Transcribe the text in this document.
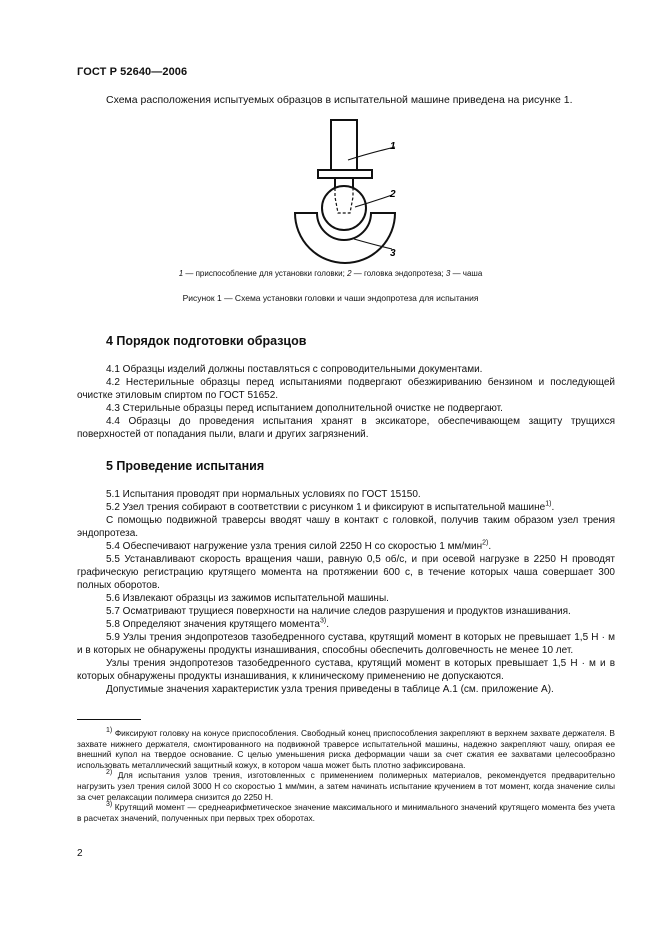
ГОСТ Р 52640—2006
Схема расположения испытуемых образцов в испытательной машине приведена на рисунке 1.
1
2
3
1 — приспособление для установки головки; 2 — головка эндопротеза; 3 — чаша
Рисунок 1 — Схема установки головки и чаши эндопротеза для испытания
4 Порядок подготовки образцов

4.1 Образцы изделий должны поставляться с сопроводительными документами.

4.2 Нестерильные образцы перед испытаниями подвергают обезжириванию бензином и последующей очистке этиловым спиртом по ГОСТ 51652.

4.3 Стерильные образцы перед испытанием дополнительной очистке не подвергают.

4.4 Образцы до проведения испытания хранят в эксикаторе, обеспечивающем защиту трущихся поверхностей от попадания пыли, влаги и других загрязнений.

5 Проведение испытания

5.1 Испытания проводят при нормальных условиях по ГОСТ 15150.

5.2 Узел трения собирают в соответствии с рисунком 1 и фиксируют в испытательной машине$^{1)}$.

С помощью подвижной траверсы вводят чашу в контакт с головкой, получив таким образом узел трения эндопротеза.

5.4 Обеспечивают нагружение узла трения силой 2250 Н со скоростью 1 мм/мин$^{2)}$.

5.5 Устанавливают скорость вращения чаши, равную 0,5 об/с, и при осевой нагрузке в 2250 Н проводят графическую регистрацию крутящего момента на протяжении 600 с, в течение которых чаша совершает 300 полных оборотов.

5.6 Извлекают образцы из зажимов испытательной машины.

5.7 Осматривают трущиеся поверхности на наличие следов разрушения и продуктов изнашивания.

5.8 Определяют значения крутящего момента$^{3)}$.

5.9 Узлы трения эндопротезов тазобедренного сустава, крутящий момент в которых не превышает 1,5 Н · м и в которых не обнаружены продукты изнашивания, способны обеспечить долговечность не менее 10 лет.

Узлы трения эндопротезов тазобедренного сустава, крутящий момент в которых превышает 1,5 Н · м и в которых обнаружены продукты изнашивания, к клиническому применению не допускаются.

Допустимые значения характеристик узла трения приведены в таблице А.1 (см. приложение А).

$^{1)}$ Фиксируют головку на конусе приспособления. Свободный конец приспособления закрепляют в верхнем захвате держателя. В захвате нижнего держателя, смонтированного на подвижной траверсе испытательной машины, надежно закрепляют чашу, опирая ее внешний купол на твердое основание. С целью уменьшения риска деформации чаши за счет сжатия ее захватами целесообразно использовать металлический защитный кожух, в котором чаша может быть плотно зафиксирована.

$^{2)}$ Для испытания узлов трения, изготовленных с применением полимерных материалов, рекомендуется предварительно нагрузить узел трения силой 3000 Н со скоростью 1 мм/мин, а затем начинать испытание кручением в тот момент, когда значение силы за счет релаксации полимера снизится до 2250 Н.

$^{3)}$ Крутящий момент — среднеарифметическое значение максимального и минимального значений крутящего момента без учета в расчетах значений, полученных при первых трех оборотах.

2
